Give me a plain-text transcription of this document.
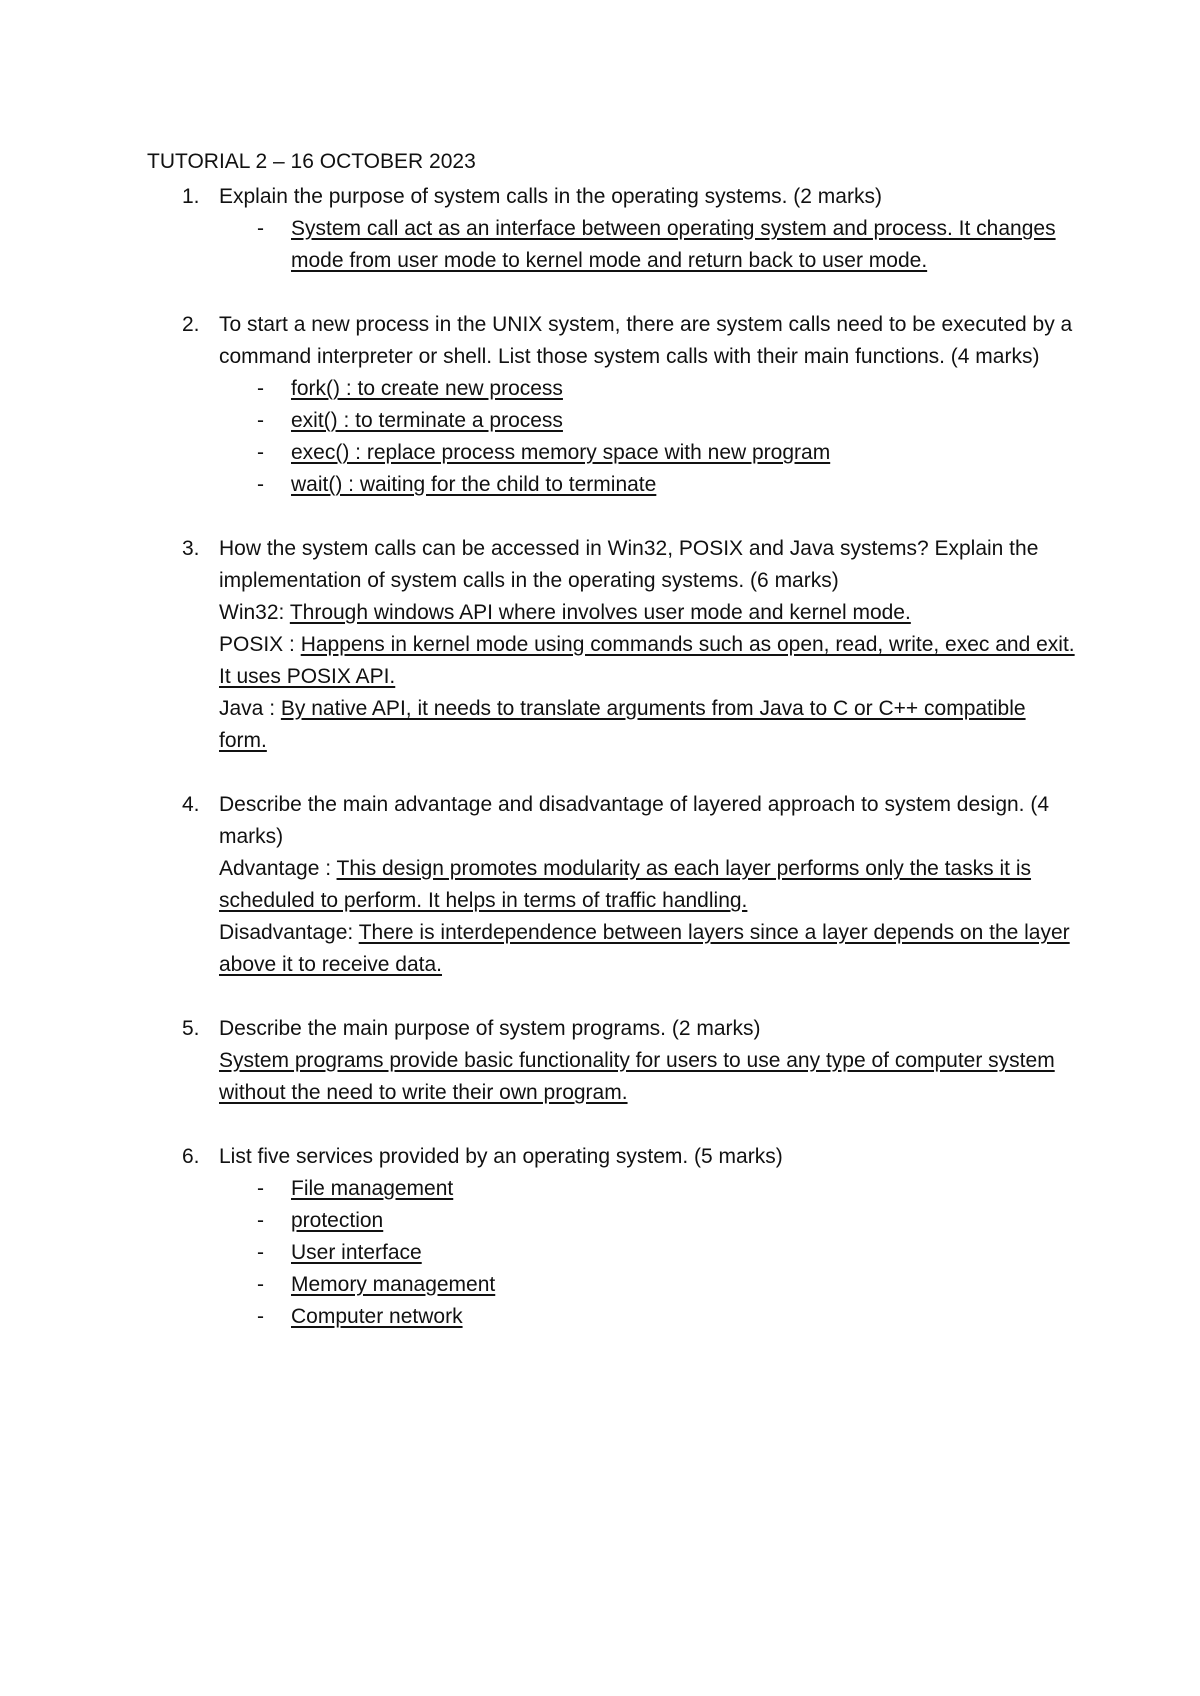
TUTORIAL 2 – 16 OCTOBER 2023
1. Explain the purpose of system calls in the operating systems. (2 marks)
- System call act as an interface between operating system and process. It changes mode from user mode to kernel mode and return back to user mode.
2. To start a new process in the UNIX system, there are system calls need to be executed by a command interpreter or shell. List those system calls with their main functions. (4 marks)
- fork() : to create new process
- exit() : to terminate a process
- exec() : replace process memory space with new program
- wait() : waiting for the child to terminate
3. How the system calls can be accessed in Win32, POSIX and Java systems? Explain the implementation of system calls in the operating systems. (6 marks)
Win32: Through windows API where involves user mode and kernel mode.
POSIX : Happens in kernel mode using commands such as open, read, write, exec and exit. It uses POSIX API.
Java : By native API, it needs to translate arguments from Java to C or C++ compatible form.
4. Describe the main advantage and disadvantage of layered approach to system design. (4 marks)
Advantage : This design promotes modularity as each layer performs only the tasks it is scheduled to perform. It helps in terms of traffic handling.
Disadvantage: There is interdependence between layers since a layer depends on the layer above it to receive data.
5. Describe the main purpose of system programs. (2 marks)
System programs provide basic functionality for users to use any type of computer system without the need to write their own program.
6. List five services provided by an operating system. (5 marks)
- File management
- protection
- User interface
- Memory management
- Computer network
